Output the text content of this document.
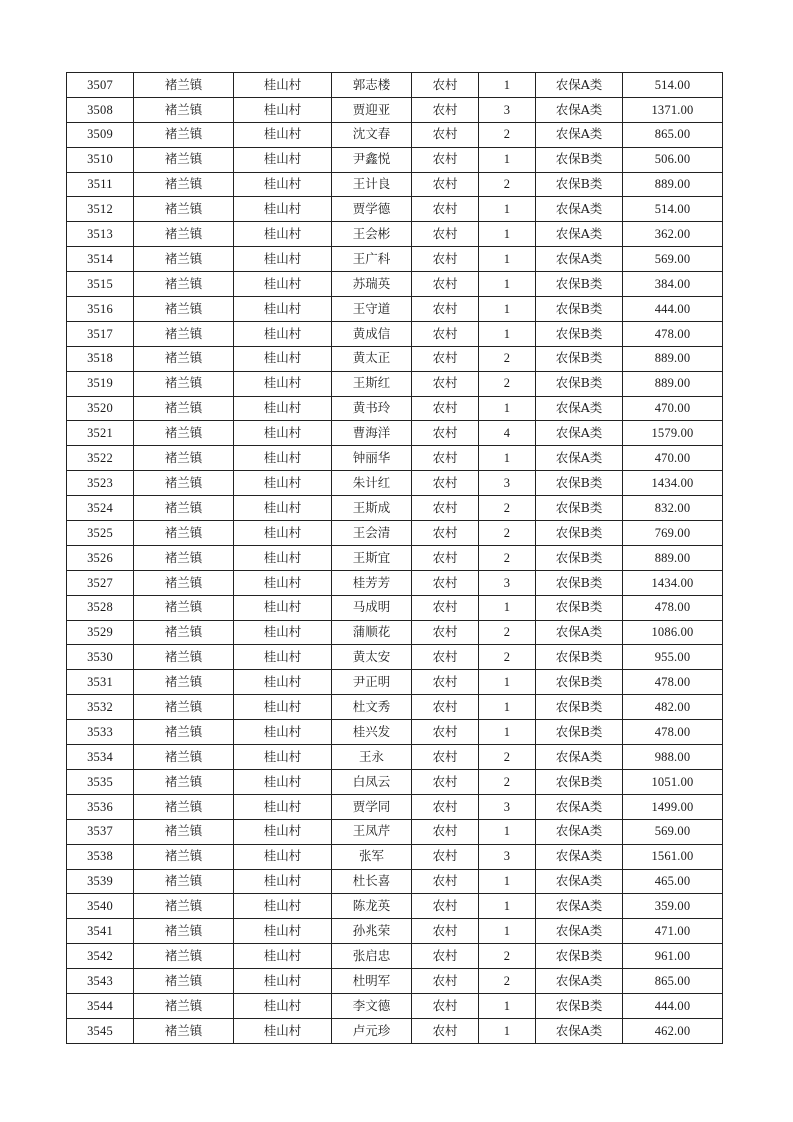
3507	褚兰镇	桂山村	郭志楼	农村	1	农保A类	514.00
3508	褚兰镇	桂山村	贾迎亚	农村	3	农保A类	1371.00
3509	褚兰镇	桂山村	沈文春	农村	2	农保A类	865.00
3510	褚兰镇	桂山村	尹鑫悦	农村	1	农保B类	506.00
3511	褚兰镇	桂山村	王计良	农村	2	农保B类	889.00
3512	褚兰镇	桂山村	贾学德	农村	1	农保A类	514.00
3513	褚兰镇	桂山村	王会彬	农村	1	农保A类	362.00
3514	褚兰镇	桂山村	王广科	农村	1	农保A类	569.00
3515	褚兰镇	桂山村	苏瑞英	农村	1	农保B类	384.00
3516	褚兰镇	桂山村	王守道	农村	1	农保B类	444.00
3517	褚兰镇	桂山村	黄成信	农村	1	农保B类	478.00
3518	褚兰镇	桂山村	黄太正	农村	2	农保B类	889.00
3519	褚兰镇	桂山村	王斯红	农村	2	农保B类	889.00
3520	褚兰镇	桂山村	黄书玲	农村	1	农保A类	470.00
3521	褚兰镇	桂山村	曹海洋	农村	4	农保A类	1579.00
3522	褚兰镇	桂山村	钟丽华	农村	1	农保A类	470.00
3523	褚兰镇	桂山村	朱计红	农村	3	农保B类	1434.00
3524	褚兰镇	桂山村	王斯成	农村	2	农保B类	832.00
3525	褚兰镇	桂山村	王会清	农村	2	农保B类	769.00
3526	褚兰镇	桂山村	王斯宜	农村	2	农保B类	889.00
3527	褚兰镇	桂山村	桂芳芳	农村	3	农保B类	1434.00
3528	褚兰镇	桂山村	马成明	农村	1	农保B类	478.00
3529	褚兰镇	桂山村	蒲顺花	农村	2	农保A类	1086.00
3530	褚兰镇	桂山村	黄太安	农村	2	农保B类	955.00
3531	褚兰镇	桂山村	尹正明	农村	1	农保B类	478.00
3532	褚兰镇	桂山村	杜文秀	农村	1	农保B类	482.00
3533	褚兰镇	桂山村	桂兴发	农村	1	农保B类	478.00
3534	褚兰镇	桂山村	王永	农村	2	农保A类	988.00
3535	褚兰镇	桂山村	白凤云	农村	2	农保B类	1051.00
3536	褚兰镇	桂山村	贾学同	农村	3	农保A类	1499.00
3537	褚兰镇	桂山村	王凤芹	农村	1	农保A类	569.00
3538	褚兰镇	桂山村	张军	农村	3	农保A类	1561.00
3539	褚兰镇	桂山村	杜长喜	农村	1	农保A类	465.00
3540	褚兰镇	桂山村	陈龙英	农村	1	农保A类	359.00
3541	褚兰镇	桂山村	孙兆荣	农村	1	农保A类	471.00
3542	褚兰镇	桂山村	张启忠	农村	2	农保B类	961.00
3543	褚兰镇	桂山村	杜明军	农村	2	农保A类	865.00
3544	褚兰镇	桂山村	李文德	农村	1	农保B类	444.00
3545	褚兰镇	桂山村	卢元珍	农村	1	农保A类	462.00
